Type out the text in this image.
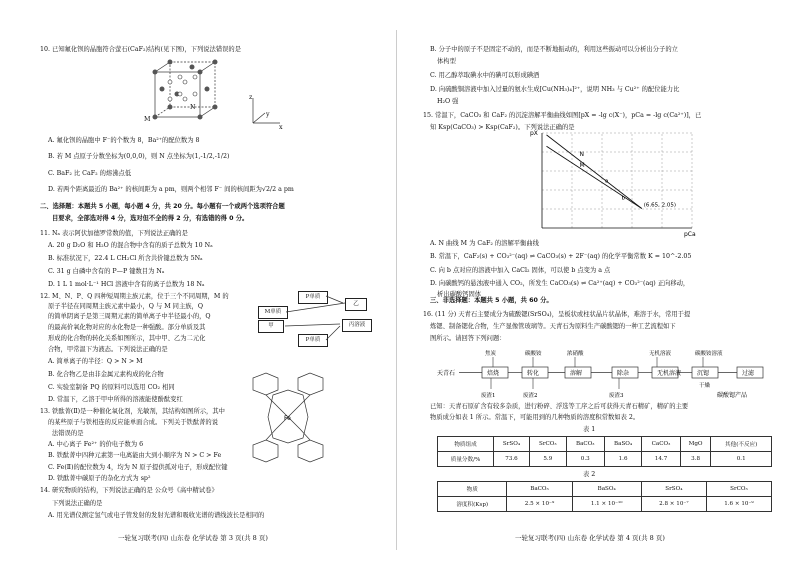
10. 已知氟化钡的晶胞符合萤石(CaF₂)结构(见下图)，下列说法错误的是
A. 氟化钡的晶胞中 F⁻的个数为 8，Ba²⁺的配位数为 8
B. 若 M 点原子分数坐标为(0,0,0)，则 N 点坐标为(1,-1/2,-1/2)
C. BaF₂ 比 CaF₂ 的熔沸点低
D. 若两个距离最近的 Ba²⁺ 的核间距为 a pm，则两个相邻 F⁻ 间的核间距为√2/2 a pm
二、选择题：本题共 5 小题，每小题 4 分，共 20 分。每小题有一个或两个选项符合题
目要求，全部选对得 4 分，选对但不全的得 2 分，有选错的得 0 分。
11. Nₐ 表示阿伏加德罗常数的值，下列说法正确的是
A. 20 g D₂O 和 H₂O 的混合物中含有的质子总数为 10 Nₐ
B. 标准状况下，22.4 L CH₂Cl 所含共价键总数为 5Nₐ
C. 31 g 白磷中含有的 P—P 键数目为 Nₐ
D. 1 L 1 mol·L⁻¹ HCl 溶液中含有的离子总数为 18 Nₐ
12. M、N、P、Q 四种短周期主族元素，位于三个不同周期，M 的
原子半径在同周期主族元素中最小，Q 与 M 同主族，Q
的简单阴离子是第三周期元素的简单离子中半径最小的，Q
的最高价氧化物对应的水化物是一种强酸。部分单质及其
形成的化合物的转化关系如图所示，其中甲、乙为二元化
合物，甲常温下为液态。下列说法正确的是
A. 简单离子的半径：Q > N > M
B. 化合物乙是由非金属元素构成的化合物
C. 实验室制备 PQ 的原料可以选用 CO₂ 相同
D. 常温下，乙溶于甲中所得的溶液能使酚酞变红
13. 铁酞菁(Ⅱ)是一种催化氧化剂，光敏剂，其结构如图所示，其中
的某些原子与铁相连的反应能单面合成。下列关于铁酞菁的说
法错误的是
A. 中心离子 Fe²⁺ 的价电子数为 6
B. 铁酞菁中四种元素第一电离能由大到小顺序为 N > C > Fe
C. Fe(Ⅱ)的配位数为 4，均为 N 原子提供孤对电子，形成配位键
D. 铁酞菁中碳原子的杂化方式为 sp²
14. 研究物质的结构，下列说法正确的是 公众号《高中精试卷》
下列说法正确的是
A. 用光谱仪测定氢气或电子管发射的发射光谱和吸收光谱的谱线波长是相同的
M
N
z
x
y
P单质
M单质
乙
甲
P单质
丙溶液
Fe
一轮复习联考(四) 山东卷 化学试卷 第 3 页(共 8 页)
B. 分子中的原子不是固定不动的，而是不断地振动的，利用这些振动可以分析出分子的立
体构型
C. 用乙醇萃取碘水中的碘可以形成碘酒
D. 向硫酸铜溶液中加入过量的氨水生成[Cu(NH₃)₄]²⁺，说明 NH₃ 与 Cu²⁺ 的配位能力比
H₂O 强
15. 常温下，CaCO₃ 和 CaF₂ 的沉淀溶解平衡曲线如图[pX = -lg c(X⁻)，pCa = -lg c(Ca²⁺)]，已
知 Ksp(CaCO₃) > Ksp(CaF₂)。下列说法正确的是
N
M
(6.65, 2.05)
pCa
pX
a
b
A. N 曲线 M 为 CaF₂ 的溶解平衡曲线
B. 常温下，CaF₂(s) + CO₃²⁻(aq) ⇌ CaCO₃(s) + 2F⁻(aq) 的化学平衡常数 K = 10^-2.05
C. 向 b 点对应的溶液中加入 CaCl₂ 固体，可以使 b 点变为 a 点
D. 向碳酸钙的悬浊液中通入 CO₂，所发生 CaCO₃(s) ⇌ Ca²⁺(aq) + CO₃²⁻(aq) 正向移动，
析出碳酸钙固体
三、非选择题：本题共 5 小题，共 60 分。
16. (11 分) 天青石主要成分为硫酸锶(SrSO₄)，呈板状或柱状晶片状晶体，难溶于水，常用于提
炼锶、制备锶化合物，生产显像管玻璃等。天青石为原料生产碳酸锶的一种工艺流程如下
图所示。请回答下列问题：
天青石	焙烧	转化	溶解	除杂	无机溶液	沉锶	过滤
焦炭	碳酸铵	浓硝酸	无机溶液	碳酸铵溶液
废渣1	废渣2	废渣3
干燥
碳酸锶产品
已知：天青石原矿含有较多杂质，进行粉碎、浮选等工序之后可获得天青石精矿，精矿的主要
物质成分如表 1 所示。常温下，可能用到的几种物质的溶度积常数如表 2。
表 1
物质组成	SrSO₄	SrCO₃	BaCO₃	BaSO₄	CaCO₃	MgO	其他(不反应)
质量分数/%	73.6	5.9	0.3	1.6	14.7	3.8	0.1
表 2
物质	BaCO₃	BaSO₄	SrSO₄	SrCO₃
溶度积(Ksp)	2.5 × 10⁻⁹	1.1 × 10⁻¹⁰	2.8 × 10⁻⁷	1.6 × 10⁻⁹
一轮复习联考(四) 山东卷 化学试卷 第 4 页(共 8 页)
